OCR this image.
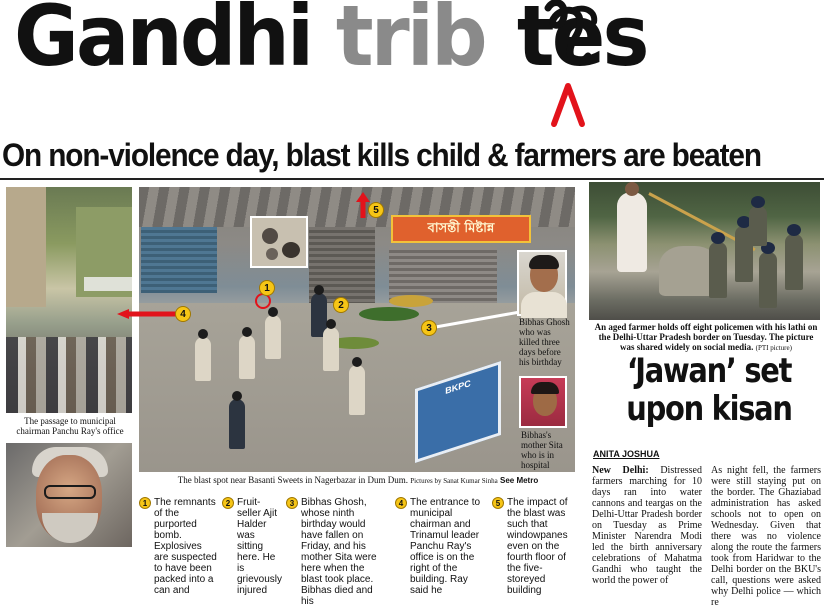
Gandhi trib tes
On non-violence day, blast kills child & farmers are beaten
The passage to municipal chairman Panchu Ray's office
বাসন্তী মিষ্টান্ন
BKPC
1
2
3
4
5
Bibhas Ghosh who was killed three days before his birthday
Bibhas's mother Sita who is in hospital
The blast spot near Basanti Sweets in Nagerbazar in Dum Dum. Pictures by Sanat Kumar Sinha See Metro
1 The remnants of the purported bomb. Explosives are suspected to have been packed into a can and
2 Fruit-seller Ajit Halder was sitting here. He is grievously injured
3 Bibhas Ghosh, whose ninth birthday would have fallen on Friday, and his mother Sita were here when the blast took place. Bibhas died and his
4 The entrance to municipal chairman and Trinamul leader Panchu Ray's office is on the right of the building. Ray said he
5 The impact of the blast was such that windowpanes even on the fourth floor of the five-storeyed building
An aged farmer holds off eight policemen with his lathi on the Delhi-Uttar Pradesh border on Tuesday. The picture was shared widely on social media. (PTI picture)
‘Jawan’ set
upon kisan
ANITA JOSHUA
New Delhi: Distressed farmers marching for 10 days ran into water cannons and teargas on the Delhi-Uttar Pradesh border on Tuesday as Prime Minister Narendra Modi led the birth anniversary celebrations of Mahatma Gandhi who taught the world the power of
As night fell, the farmers were still staying put on the border. The Ghaziabad administration has asked schools not to open on Wednesday. Given that there was no violence along the route the farmers took from Haridwar to the Delhi border on the BKU's call, questions were asked why Delhi police — which re
